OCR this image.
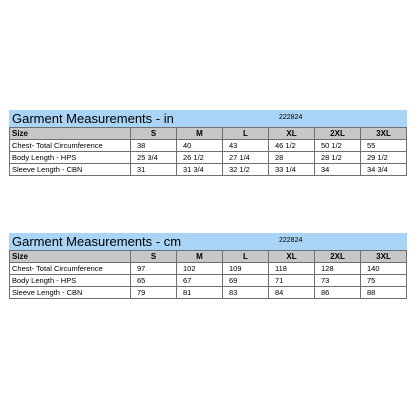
Garment Measurements - in	222824
Size	S	M	L	XL	2XL	3XL
Chest- Total Circumference	38	40	43	46 1/2	50 1/2	55
Body Length - HPS	25 3/4	26 1/2	27 1/4	28	28 1/2	29 1/2
Sleeve Length - CBN	31	31 3/4	32 1/2	33 1/4	34	34 3/4
Garment Measurements - cm	222824
Size	S	M	L	XL	2XL	3XL
Chest- Total Circumference	97	102	109	118	128	140
Body Length - HPS	65	67	69	71	73	75
Sleeve Length - CBN	79	81	83	84	86	88
